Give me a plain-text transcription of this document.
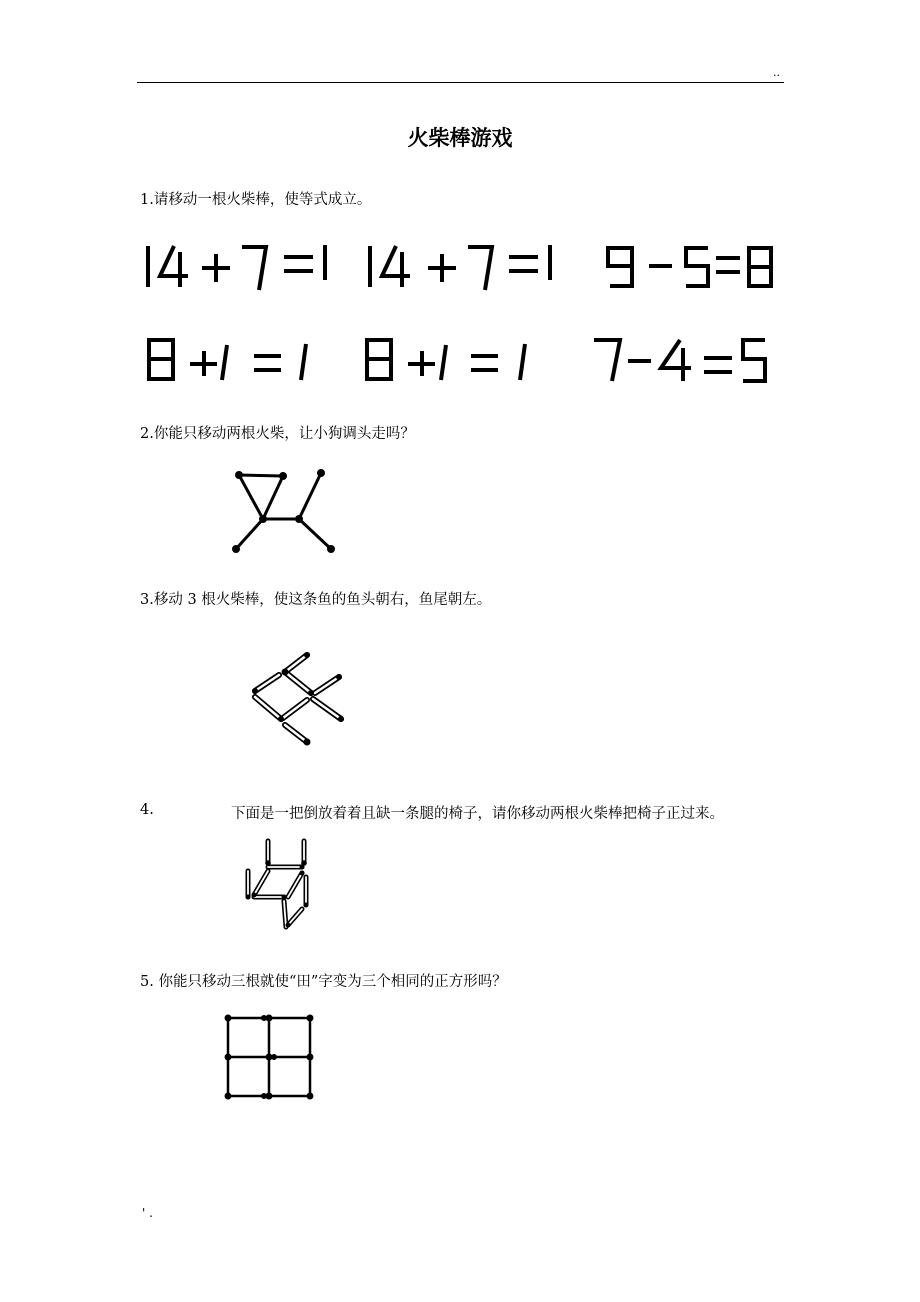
..
火柴棒游戏
1.请移动一根火柴棒，使等式成立。
2.你能只移动两根火柴，让小狗调头走吗？
3.移动 3 根火柴棒，使这条鱼的鱼头朝右，鱼尾朝左。
4.	下面是一把倒放着着且缺一条腿的椅子，请你移动两根火柴棒把椅子正过来。
5. 你能只移动三根就使“田”字变为三个相同的正方形吗？
' .
